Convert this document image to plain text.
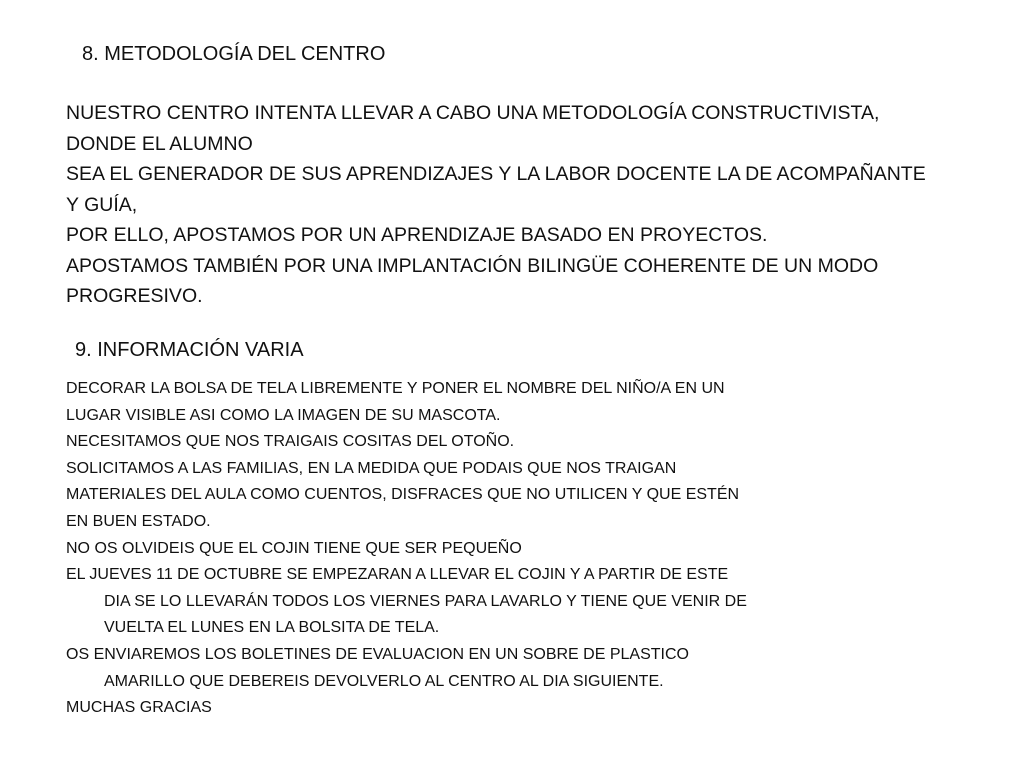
8. METODOLOGÍA DEL CENTRO
NUESTRO CENTRO INTENTA LLEVAR A CABO UNA METODOLOGÍA CONSTRUCTIVISTA,
DONDE EL ALUMNO
SEA EL GENERADOR DE SUS APRENDIZAJES Y LA LABOR DOCENTE LA DE ACOMPAÑANTE
Y GUÍA,
POR ELLO, APOSTAMOS POR UN APRENDIZAJE BASADO EN PROYECTOS.
APOSTAMOS TAMBIÉN POR UNA IMPLANTACIÓN BILINGÜE COHERENTE DE UN MODO
PROGRESIVO.
9. INFORMACIÓN VARIA
DECORAR LA BOLSA DE TELA LIBREMENTE Y PONER EL NOMBRE DEL NIÑO/A EN UN
LUGAR VISIBLE ASI COMO LA IMAGEN DE SU MASCOTA.
NECESITAMOS QUE NOS TRAIGAIS COSITAS DEL OTOÑO.
SOLICITAMOS A LAS FAMILIAS, EN LA MEDIDA QUE PODAIS QUE NOS TRAIGAN
MATERIALES DEL AULA COMO CUENTOS, DISFRACES QUE NO UTILICEN Y QUE ESTÉN
EN BUEN ESTADO.
NO OS OLVIDEIS QUE EL COJIN TIENE QUE SER PEQUEÑO
EL JUEVES 11 DE OCTUBRE SE EMPEZARAN A LLEVAR EL COJIN Y A PARTIR DE ESTE
DIA SE LO LLEVARÁN TODOS LOS VIERNES PARA LAVARLO Y TIENE QUE VENIR DE
VUELTA EL LUNES EN LA BOLSITA DE TELA.
OS ENVIAREMOS LOS BOLETINES DE EVALUACION EN UN SOBRE DE PLASTICO
AMARILLO QUE DEBEREIS DEVOLVERLO AL CENTRO AL DIA SIGUIENTE.
MUCHAS GRACIAS
